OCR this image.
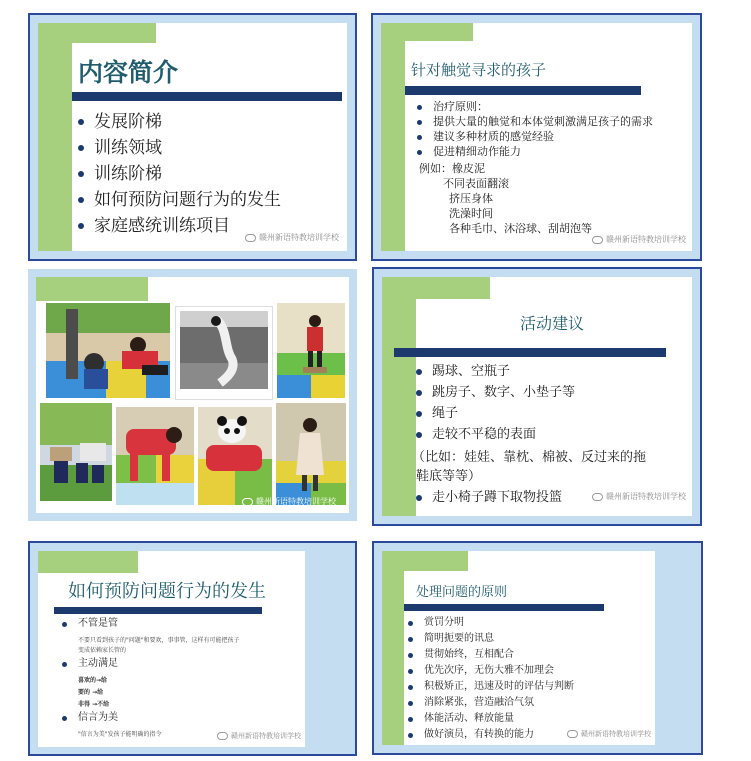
内容简介
发展阶梯
训练领域
训练阶梯
如何预防问题行为的发生
家庭感统训练项目
赣州新语特教培训学校
针对触觉寻求的孩子
治疗原则：
提供大量的触觉和本体觉刺激满足孩子的需求
建议多种材质的感觉经验
促进精细动作能力
例如：橡皮泥
不同表面翻滚
挤压身体
洗澡时间
各种毛巾、沐浴球、刮胡泡等
赣州新语特教培训学校
赣州新语特教培训学校
活动建议
踢球、空瓶子
跳房子、数字、小垫子等
绳子
走较不平稳的表面
（比如：娃娃、靠枕、棉被、反过来的拖
鞋底等等）
走小椅子蹲下取物投篮	赣州新语特教培训学校
如何预防问题行为的发生
不管是管
不要只看到孩子的"问题"和要欢，事事管，这样有可能把孩子
变成依赖家长管的
主动满足
喜欢的→给
要的 →给
非得 →不给
信言为美
"信言为美"发孩子能明确的指令	赣州新语特教培训学校
处理问题的原则
赏罚分明
简明扼要的讯息
贯彻始终，互相配合
优先次序，无伤大雅不加理会
积极矫正，迅速及时的评估与判断
消除紧张，营造融洽气氛
体能活动、释放能量
做好演员，有转换的能力	赣州新语特教培训学校
